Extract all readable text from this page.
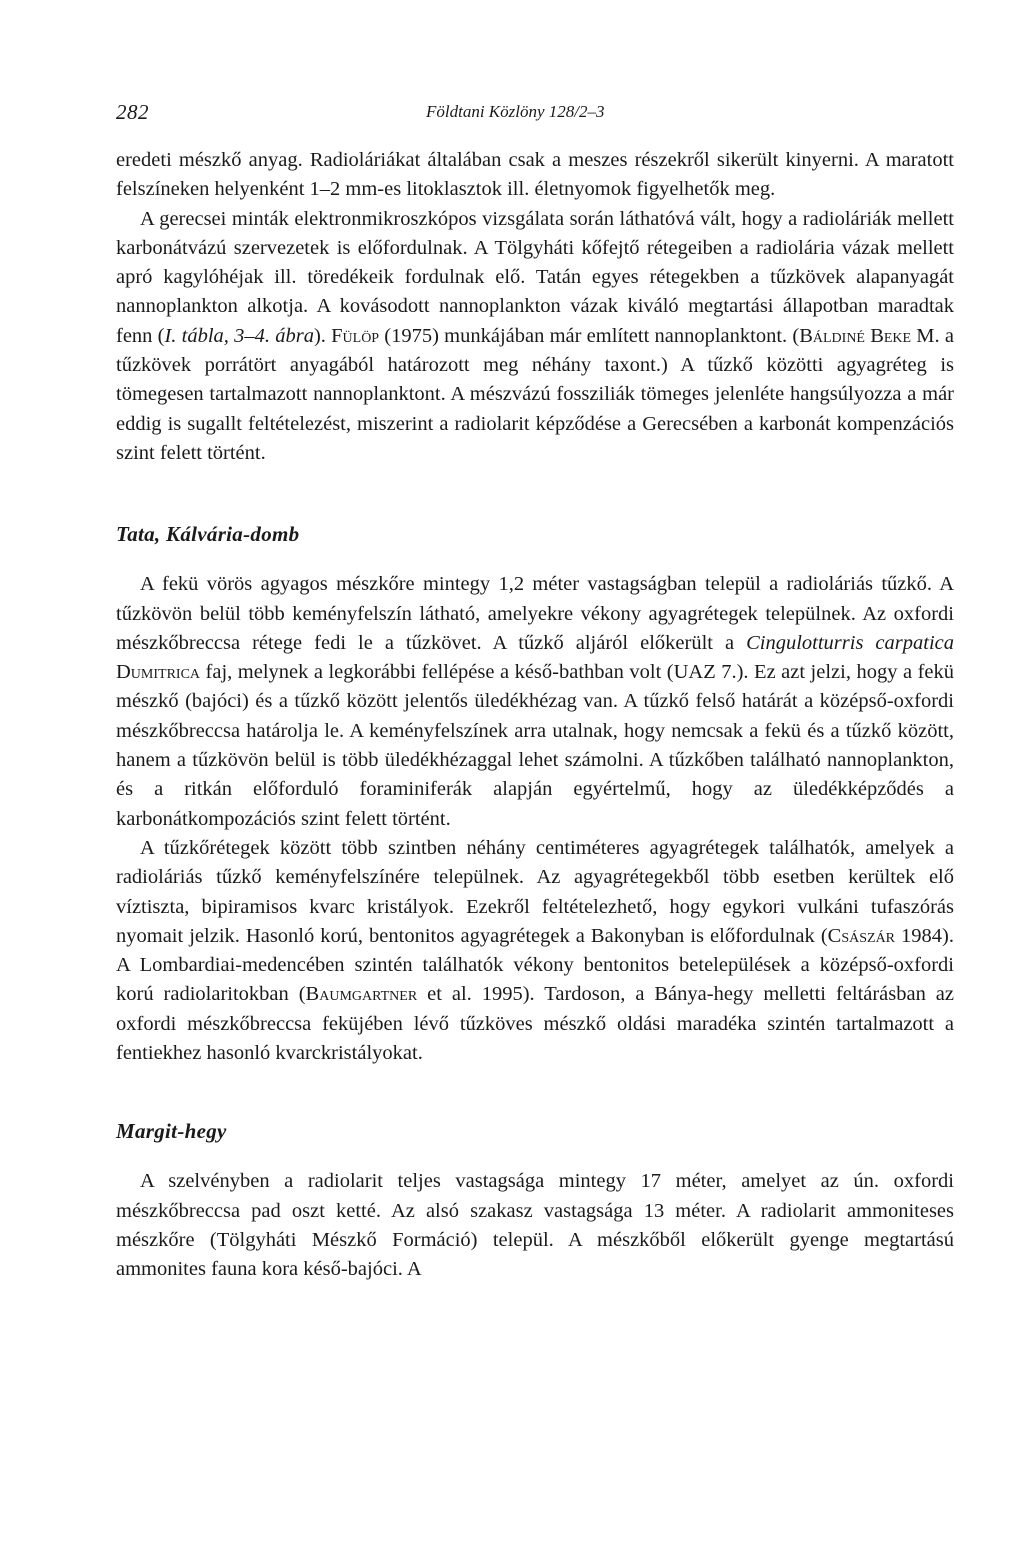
282	Földtani Közlöny 128/2–3

eredeti mészkő anyag. Radioláriákat általában csak a meszes részekről sikerült kinyerni. A maratott felszíneken helyenként 1–2 mm-es litoklasztok ill. életnyomok figyelhetők meg.

A gerecsei minták elektronmikroszkópos vizsgálata során láthatóvá vált, hogy a radioláriák mellett karbonátvázú szervezetek is előfordulnak. A Tölgyháti kőfejtő rétegeiben a radiolária vázak mellett apró kagylóhéjak ill. töredékeik fordulnak elő. Tatán egyes rétegekben a tűzkövek alapanyagát nannoplankton alkotja. A kovásodott nannoplankton vázak kiváló megtartási állapotban maradtak fenn (I. tábla, 3–4. ábra). Fülöp (1975) munkájában már említett nannoplanktont. (Báldiné Beke M. a tűzkövek porrátört anyagából határozott meg néhány taxont.) A tűzkő közötti agyagréteg is tömegesen tartalmazott nannoplanktont. A mészvázú fossziliák tömeges jelenléte hangsúlyozza a már eddig is sugallt feltételezést, miszerint a radiolarit képződése a Gerecsében a karbonát kompenzációs szint felett történt.

Tata, Kálvária-domb

A fekü vörös agyagos mészkőre mintegy 1,2 méter vastagságban települ a radioláriás tűzkő. A tűzkövön belül több keményfelszín látható, amelyekre vékony agyagrétegek települnek. Az oxfordi mészkőbreccsa rétege fedi le a tűzkövet. A tűzkő aljáról előkerült a Cingulotturris carpatica Dumitrica faj, melynek a legkorábbi fellépése a késő-bathban volt (UAZ 7.). Ez azt jelzi, hogy a fekü mészkő (bajóci) és a tűzkő között jelentős üledékhézag van. A tűzkő felső határát a középső-oxfordi mészkőbreccsa határolja le. A keményfelszínek arra utalnak, hogy nemcsak a fekü és a tűzkő között, hanem a tűzkövön belül is több üledékhézaggal lehet számolni. A tűzkőben található nannoplankton, és a ritkán előforduló foraminiferák alapján egyértelmű, hogy az üledékképződés a karbonátkompozációs szint felett történt.

A tűzkőrétegek között több szintben néhány centiméteres agyagrétegek találhatók, amelyek a radioláriás tűzkő keményfelszínére települnek. Az agyagrétegekből több esetben kerültek elő víztiszta, bipiramisos kvarc kristályok. Ezekről feltételezhető, hogy egykori vulkáni tufaszórás nyomait jelzik. Hasonló korú, bentonitos agyagrétegek a Bakonyban is előfordulnak (Császár 1984). A Lombardiai-medencében szintén találhatók vékony bentonitos betelepülések a középső-oxfordi korú radiolaritokban (Baumgartner et al. 1995). Tardoson, a Bánya-hegy melletti feltárásban az oxfordi mészkőbreccsa feküjében lévő tűzköves mészkő oldási maradéka szintén tartalmazott a fentiekhez hasonló kvarckristályokat.

Margit-hegy

A szelvényben a radiolarit teljes vastagsága mintegy 17 méter, amelyet az ún. oxfordi mészkőbreccsa pad oszt ketté. Az alsó szakasz vastagsága 13 méter. A radiolarit ammoniteses mészkőre (Tölgyháti Mészkő Formáció) települ. A mészkőből előkerült gyenge megtartású ammonites fauna kora késő-bajóci. A
